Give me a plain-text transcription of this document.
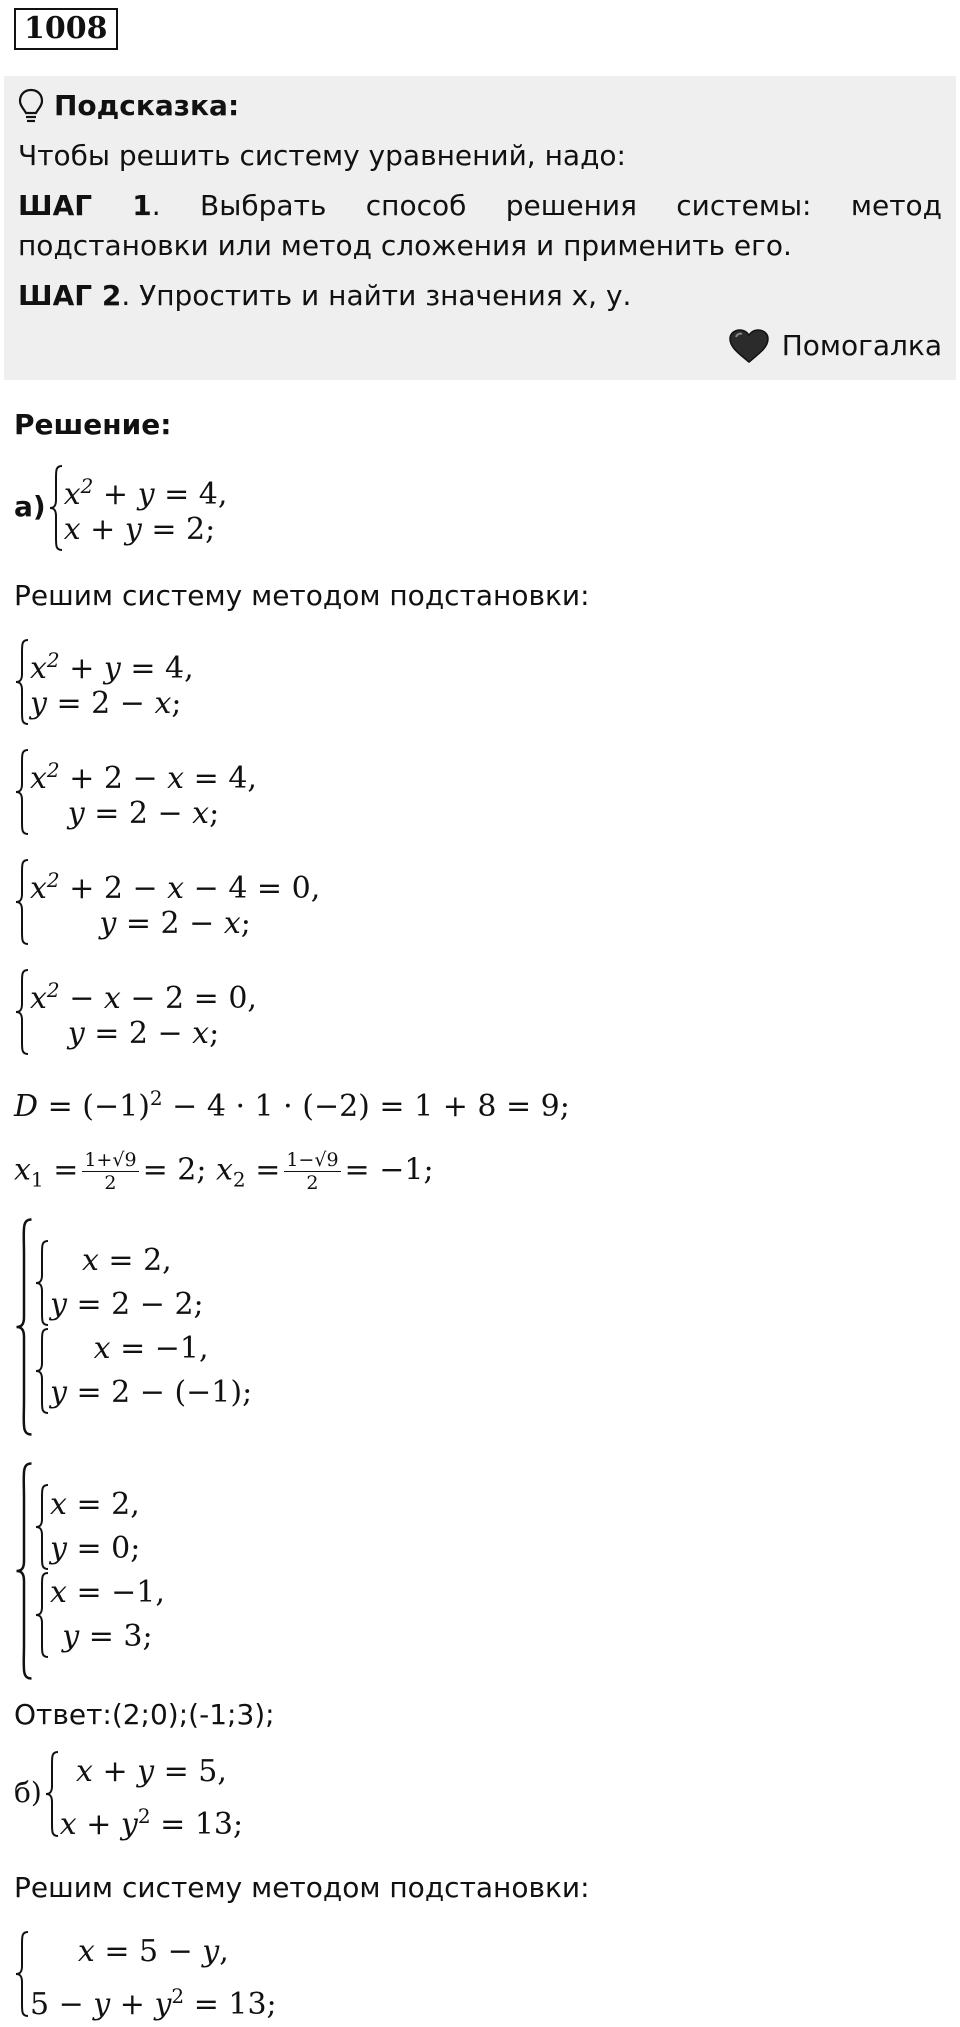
1008
Подсказка:

Чтобы решить систему уравнений, надо:

ШАГ 1. Выбрать способ решения системы: метод подстановки или метод сложения и применить его.

ШАГ 2. Упростить и найти значения х, у.

Помогалка
Решение:
а) $x^2 + y = 4$,
x + y = 2;

Решим систему методом подстановки:

$x^2 + y = 4$,
y = 2 − x;
$x^2 + 2 - x = 4$,
y = 2 − x;
$x^2 + 2 - x - 4 = 0$,
y = 2 − x;
$x^2 - x - 2 = 0$,
y = 2 − x;
$D = (-1)^2 - 4 \cdot 1 \cdot (-2) = 1 + 8 = 9$;
$x_1 = \frac{1+√9}{2} = 2$; $x_2 = \frac{1-√9}{2} = -1$;
x = 2,
y = 2 − 2;
x = −1,
y = 2 − (−1);
x = 2,
y = 0;
x = −1,
y = 3;

Ответ:(2;0);(-1;3);

б)
x + y = 5,
$x + y^2 = 13$;

Решим систему методом подстановки:

x = 5 − y,
$5 - y + y^2 = 13$;
